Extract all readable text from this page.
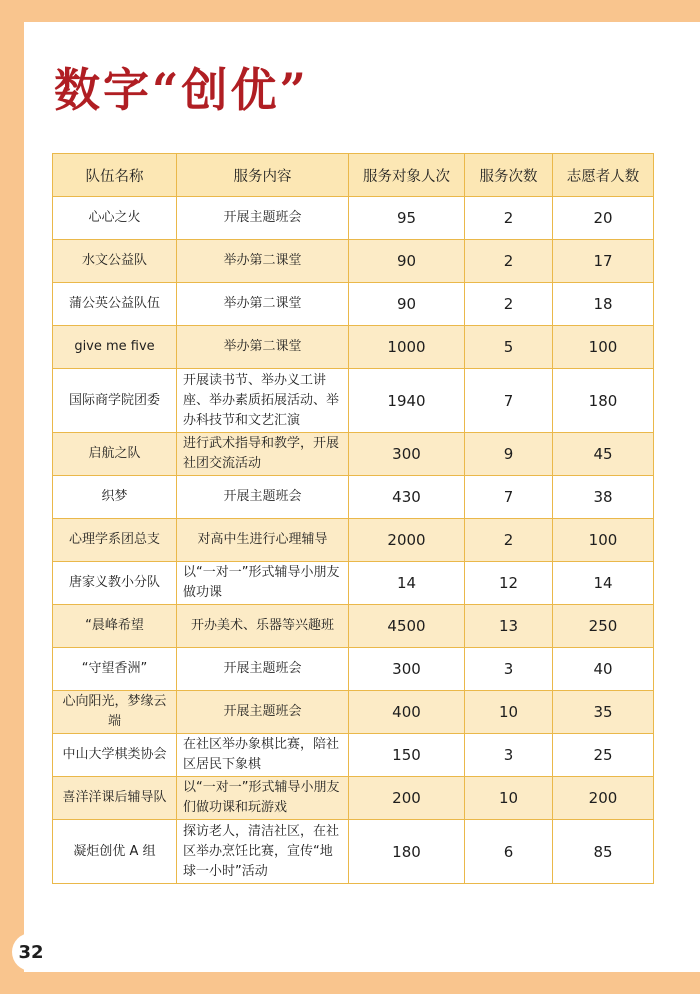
数字“创优”
队伍名称	服务内容	服务对象人次	服务次数	志愿者人数
心心之火	开展主题班会	95	2	20
水文公益队	举办第二课堂	90	2	17
蒲公英公益队伍	举办第二课堂	90	2	18
give me five	举办第二课堂	1000	5	100
国际商学院团委	开展读书节、举办义工讲座、举办素质拓展活动、举办科技节和文艺汇演	1940	7	180
启航之队	进行武术指导和教学，开展社团交流活动	300	9	45
织梦	开展主题班会	430	7	38
心理学系团总支	对高中生进行心理辅导	2000	2	100
唐家义教小分队	以“一对一”形式辅导小朋友做功课	14	12	14
“晨峰希望	开办美术、乐器等兴趣班	4500	13	250
“守望香洲”	开展主题班会	300	3	40
心向阳光，梦缘云端	开展主题班会	400	10	35
中山大学棋类协会	在社区举办象棋比赛，陪社区居民下象棋	150	3	25
喜洋洋课后辅导队	以“一对一”形式辅导小朋友们做功课和玩游戏	200	10	200
凝炬创优 A 组	探访老人，清洁社区，在社区举办烹饪比赛，宣传“地球一小时”活动	180	6	85
32
